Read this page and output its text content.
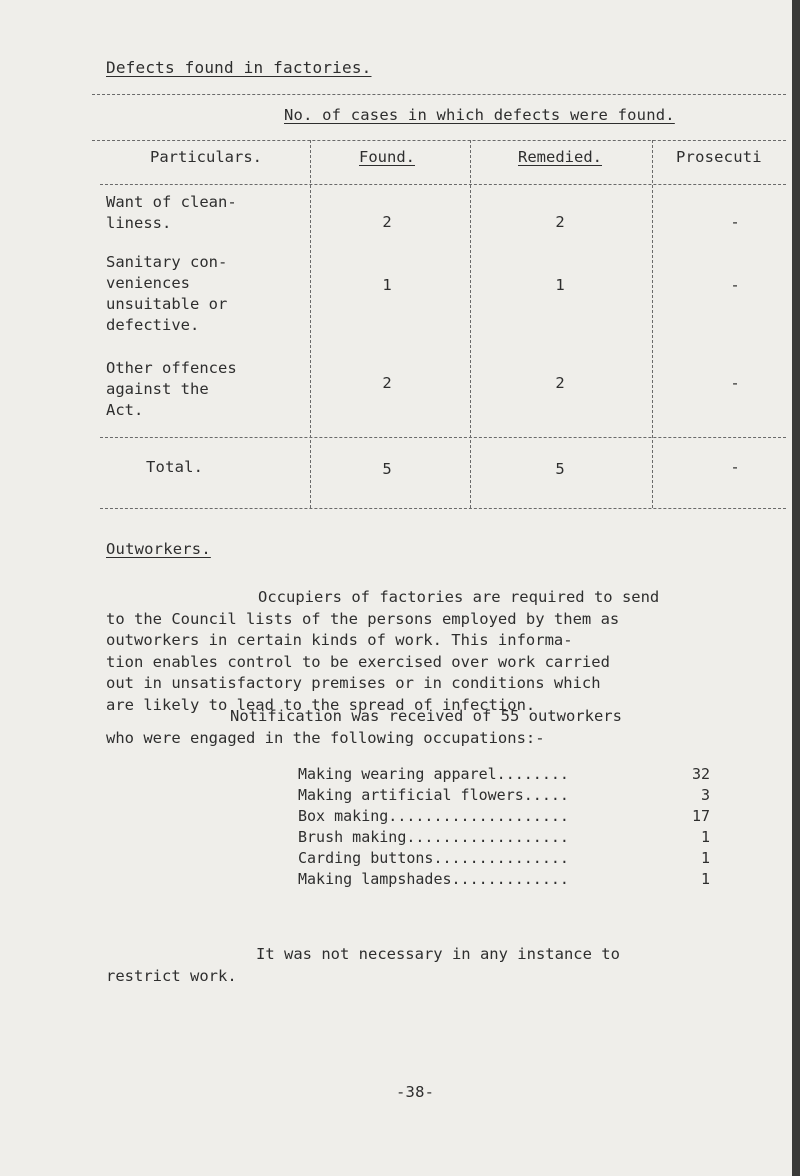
Defects found in factories.
No. of cases in which defects were found.
Particulars.	Found.	Remedied.	Prosecuti
Want of clean-
liness.	2	2	-
Sanitary con-
veniences
unsuitable or
defective.
1	1	-
Other offences
against the
Act.
2	2	-
Total.	5	5	-
Outworkers.
Occupiers of factories are required to send
to the Council lists of the persons employed by them as
outworkers in certain kinds of work. This informa-
tion enables control to be exercised over work carried
out in unsatisfactory premises or in conditions which
are likely to lead to the spread of infection.
Notification was received of 55 outworkers
who were engaged in the following occupations:-
Making wearing apparel........	32
Making artificial flowers.....	3
Box making....................	17
Brush making..................	1
Carding buttons...............	1
Making lampshades.............	1
It was not necessary in any instance to
restrict work.
-38-
